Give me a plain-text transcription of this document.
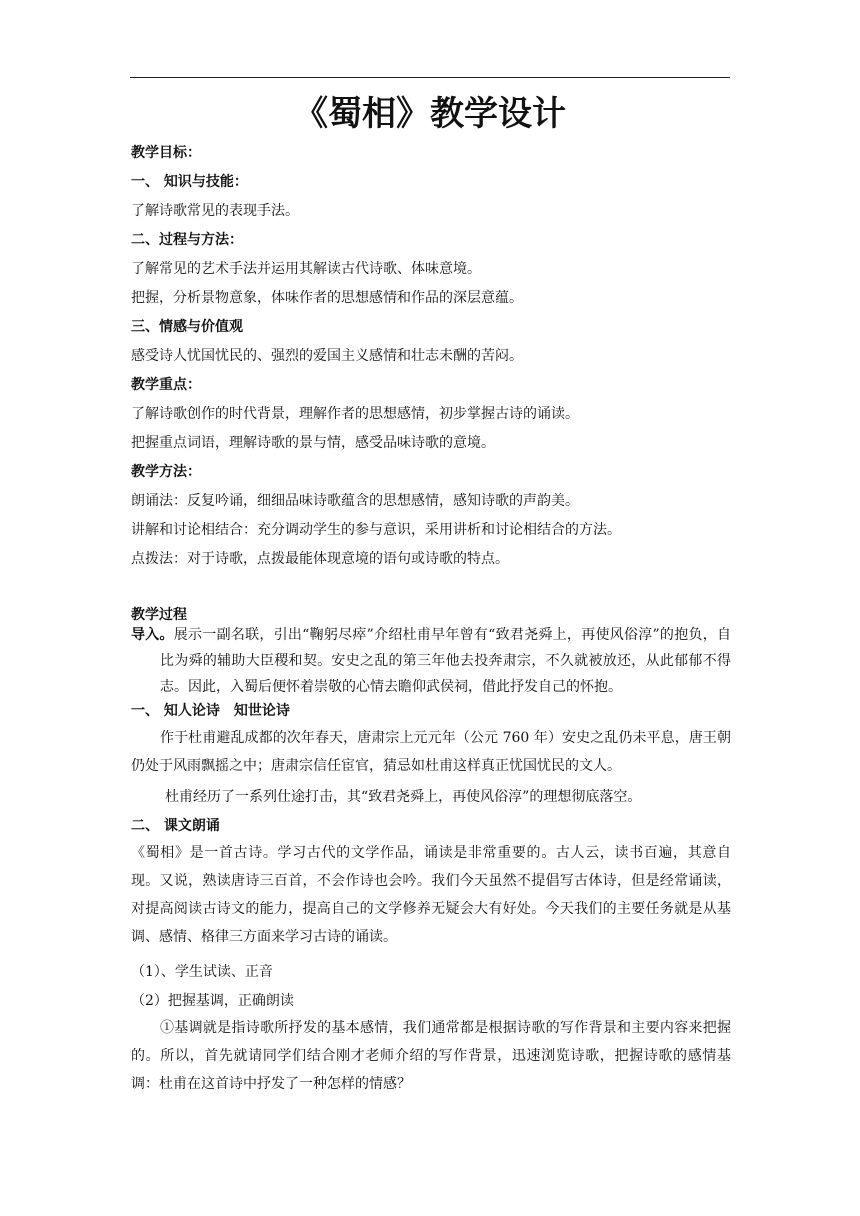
《蜀相》教学设计
教学目标：
一、 知识与技能：
了解诗歌常见的表现手法。
二、过程与方法：
了解常见的艺术手法并运用其解读古代诗歌、体味意境。
把握，分析景物意象，体味作者的思想感情和作品的深层意蕴。
三、情感与价值观
感受诗人忧国忧民的、强烈的爱国主义感情和壮志未酬的苦闷。
教学重点：
了解诗歌创作的时代背景，理解作者的思想感情，初步掌握古诗的诵读。
把握重点词语，理解诗歌的景与情，感受品味诗歌的意境。
教学方法：
朗诵法：反复吟诵，细细品味诗歌蕴含的思想感情，感知诗歌的声韵美。
讲解和讨论相结合：充分调动学生的参与意识，采用讲析和讨论相结合的方法。
点拨法：对于诗歌，点拨最能体现意境的语句或诗歌的特点。
教学过程
导入。展示一副名联，引出“鞠躬尽瘁”介绍杜甫早年曾有“致君尧舜上，再使风俗淳”的抱负，自比为舜的辅助大臣稷和契。安史之乱的第三年他去投奔肃宗，不久就被放还，从此郁郁不得志。因此，入蜀后便怀着崇敬的心情去瞻仰武侯祠，借此抒发自己的怀抱。
一、 知人论诗　知世论诗
作于杜甫避乱成都的次年春天，唐肃宗上元元年（公元 760 年）安史之乱仍未平息，唐王朝仍处于风雨飘摇之中；唐肃宗信任宦官，猜忌如杜甫这样真正忧国忧民的文人。
杜甫经历了一系列仕途打击，其“致君尧舜上，再使风俗淳”的理想彻底落空。
二、 课文朗诵
《蜀相》是一首古诗。学习古代的文学作品，诵读是非常重要的。古人云，读书百遍，其意自现。又说，熟读唐诗三百首，不会作诗也会吟。我们今天虽然不提倡写古体诗，但是经常诵读，对提高阅读古诗文的能力，提高自己的文学修养无疑会大有好处。今天我们的主要任务就是从基调、感情、格律三方面来学习古诗的诵读。
（1）、学生试读、正音
（2）把握基调，正确朗读
①基调就是指诗歌所抒发的基本感情，我们通常都是根据诗歌的写作背景和主要内容来把握的。所以，首先就请同学们结合刚才老师介绍的写作背景，迅速浏览诗歌，把握诗歌的感情基调：杜甫在这首诗中抒发了一种怎样的情感？
